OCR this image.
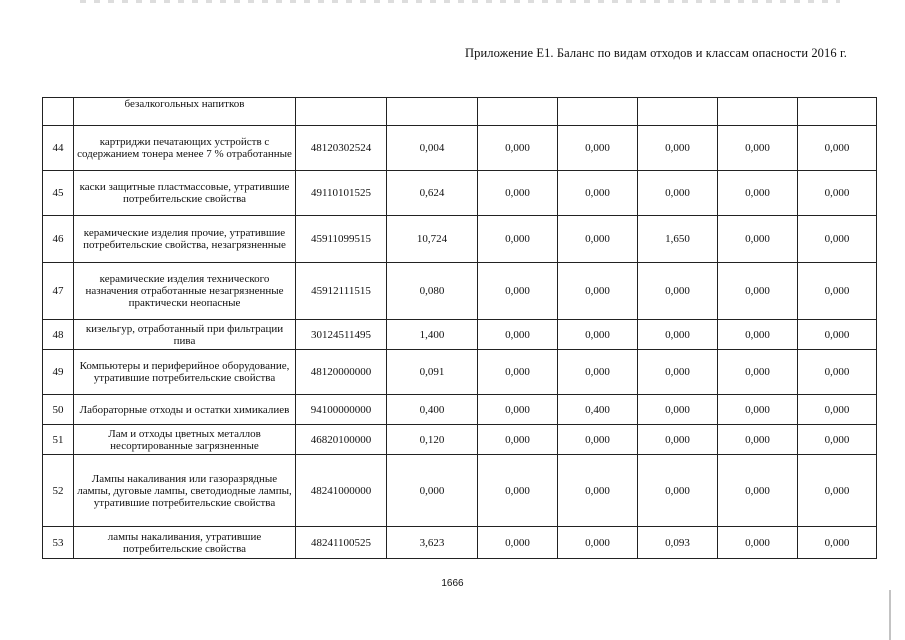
Приложение Е1. Баланс по видам отходов и классам опасности 2016 г.
	безалкогольных напитков							
44	картриджи печатающих устройств с содержанием тонера менее 7 % отработанные	48120302524	0,004	0,000	0,000	0,000	0,000	0,000
45	каски защитные пластмассовые, утратившие потребительские свойства	49110101525	0,624	0,000	0,000	0,000	0,000	0,000
46	керамические изделия прочие, утратившие потребительские свойства, незагрязненные	45911099515	10,724	0,000	0,000	1,650	0,000	0,000
47	керамические изделия технического назначения отработанные незагрязненные практически неопасные	45912111515	0,080	0,000	0,000	0,000	0,000	0,000
48	кизельгур, отработанный при фильтрации пива	30124511495	1,400	0,000	0,000	0,000	0,000	0,000
49	Компьютеры и периферийное оборудование, утратившие потребительские свойства	48120000000	0,091	0,000	0,000	0,000	0,000	0,000
50	Лабораторные отходы и остатки химикалиев	94100000000	0,400	0,000	0,400	0,000	0,000	0,000
51	Лам и отходы цветных металлов несортированные загрязненные	46820100000	0,120	0,000	0,000	0,000	0,000	0,000
52	Лампы накаливания или газоразрядные лампы, дуговые лампы, светодиодные лампы, утратившие потребительские свойства	48241000000	0,000	0,000	0,000	0,000	0,000	0,000
53	лампы накаливания, утратившие потребительские свойства	48241100525	3,623	0,000	0,000	0,093	0,000	0,000
1666
